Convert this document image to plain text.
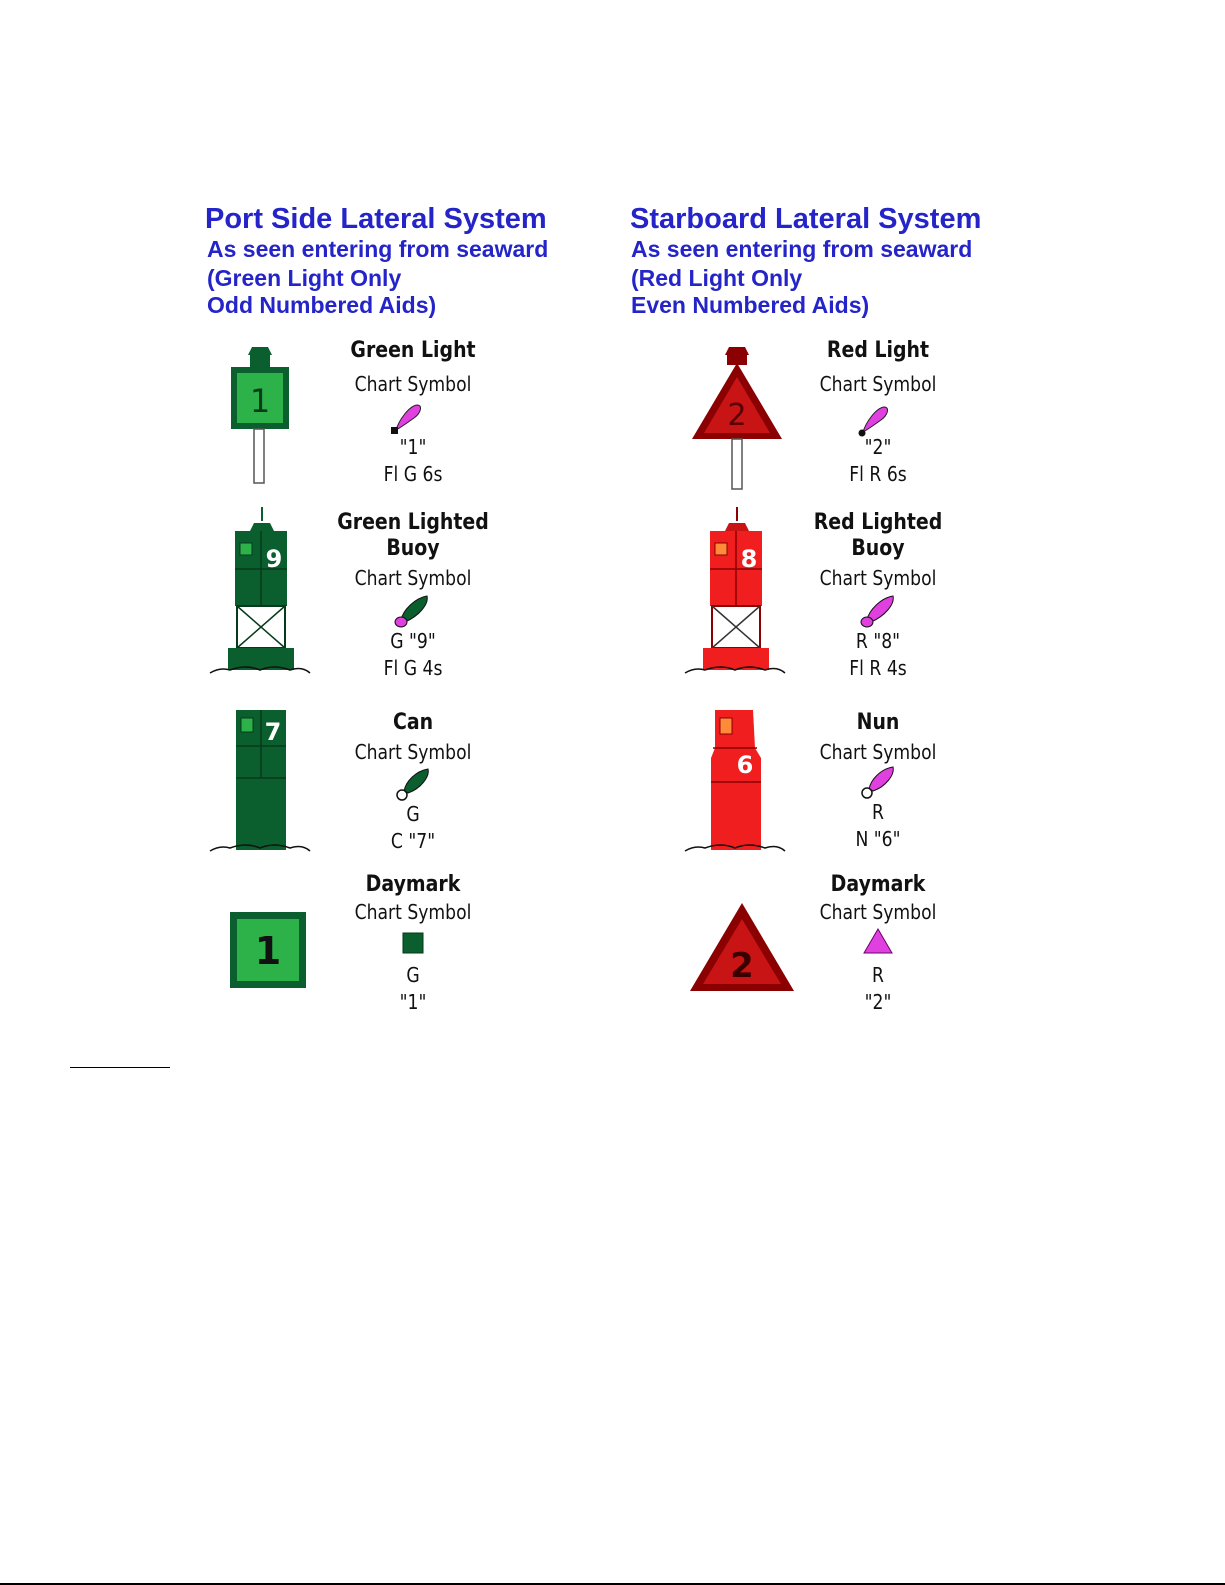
Port Side Lateral System
As seen entering from seaward
(Green Light Only
Odd Numbered Aids)
Starboard Lateral System
As seen entering from seaward
(Red Light Only
Even Numbered Aids)
1
Green Light
Chart Symbol
"1"
Fl G 6s
9
Green Lighted
Buoy
Chart Symbol
G "9"
Fl G 4s
7	Can
Chart Symbol
G
C "7"
1
Daymark
Chart Symbol
G
"1"
2
Red Light
Chart Symbol
"2"
Fl R 6s
8
Red Lighted
Buoy
Chart Symbol
R "8"
Fl R 4s
6
Nun
Chart Symbol
R
N "6"
2
Daymark
Chart Symbol
R
"2"
